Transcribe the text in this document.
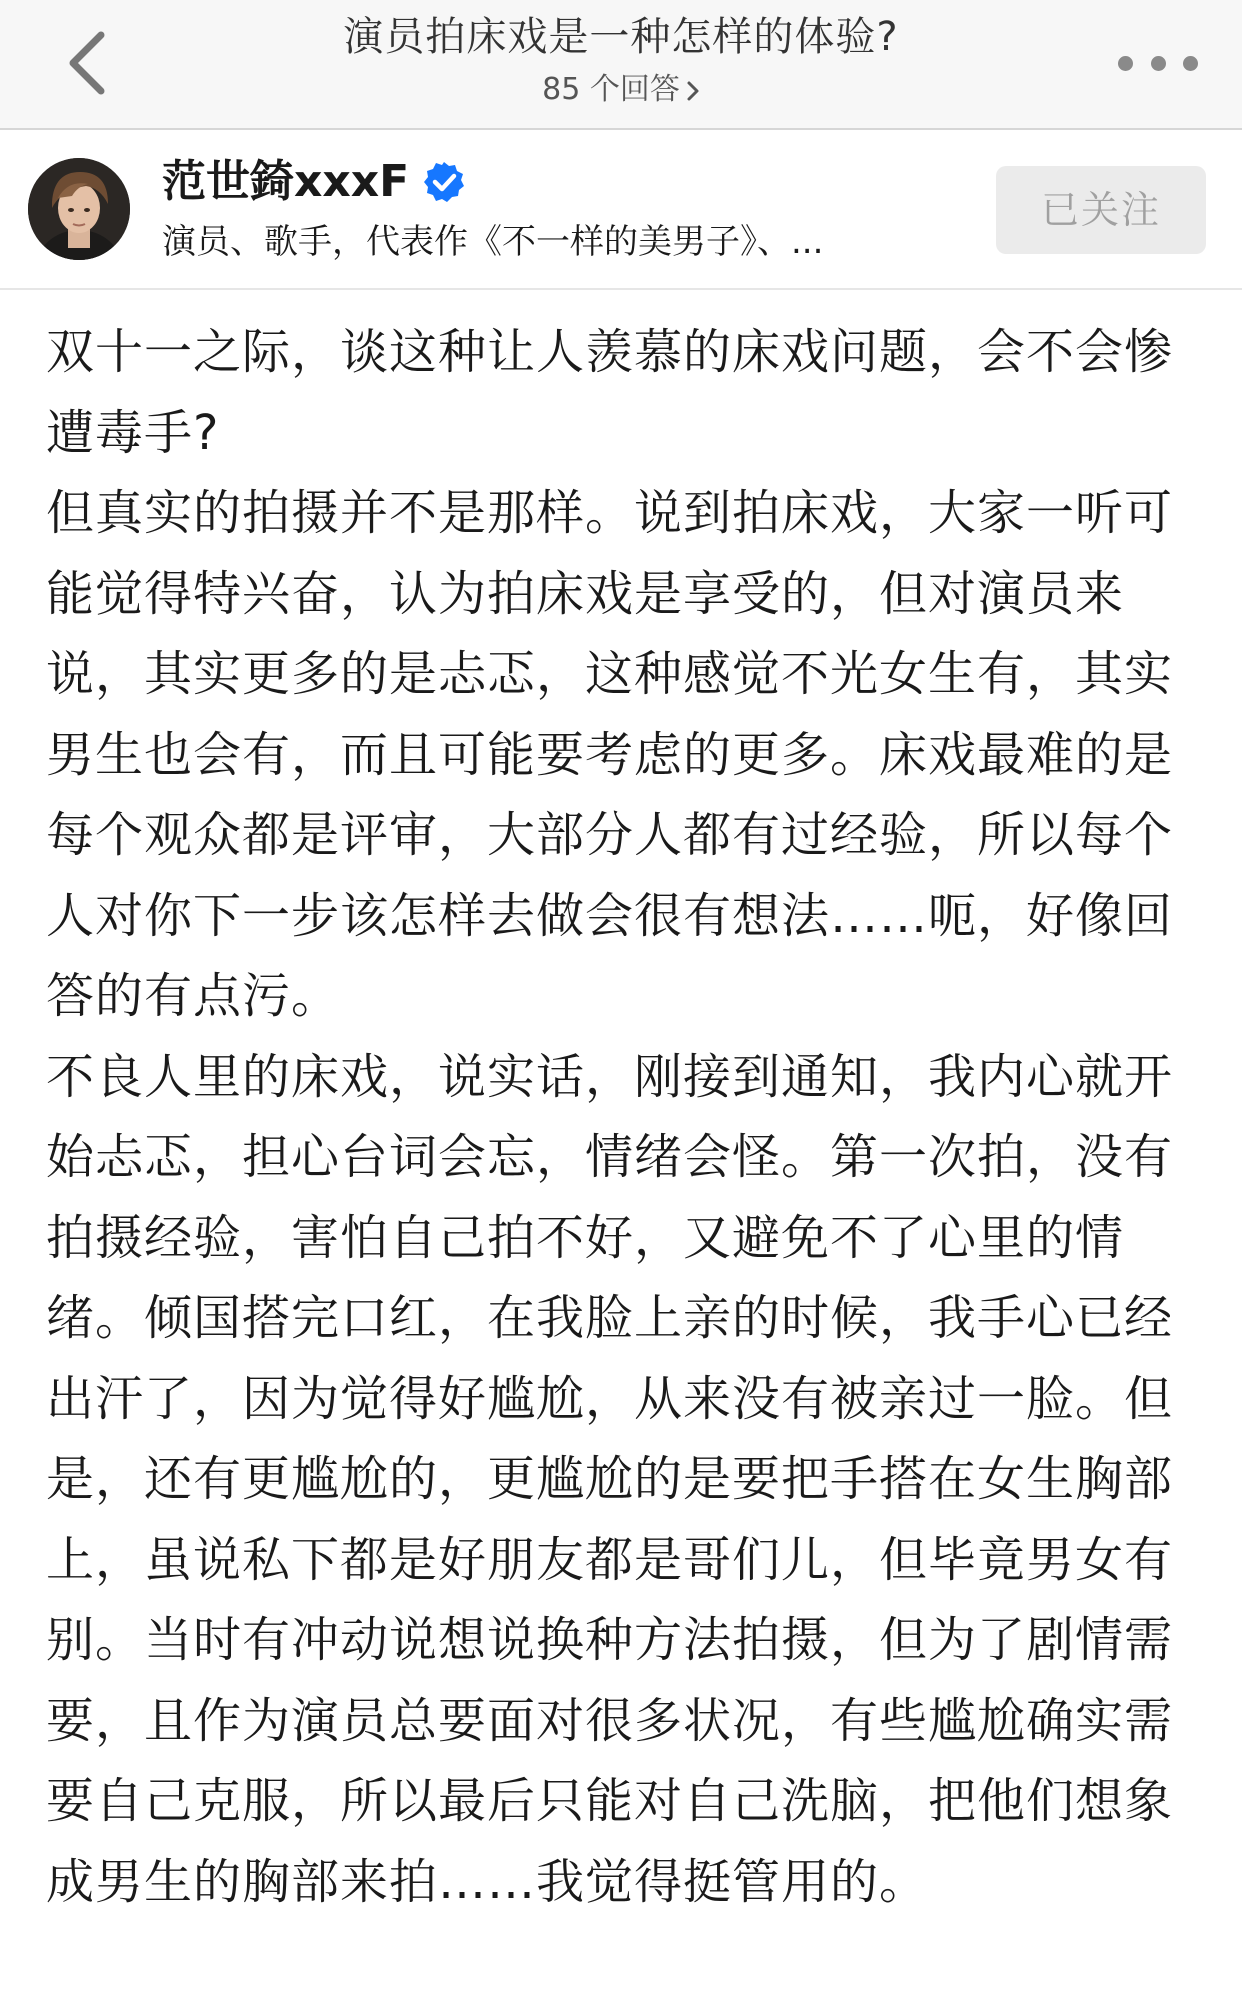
演员拍床戏是一种怎样的体验?
85 个回答
范世錡xxxF
演员、歌手，代表作《不一样的美男子》、...
已关注

双十一之际，谈这种让人羡慕的床戏问题，会不会惨遭毒手?

但真实的拍摄并不是那样。说到拍床戏，大家一听可能觉得特兴奋，认为拍床戏是享受的，但对演员来说，其实更多的是忐忑，这种感觉不光女生有，其实男生也会有，而且可能要考虑的更多。床戏最难的是每个观众都是评审，大部分人都有过经验，所以每个人对你下一步该怎样去做会很有想法……呃，好像回答的有点污。

不良人里的床戏，说实话，刚接到通知，我内心就开始忐忑，担心台词会忘，情绪会怪。第一次拍，没有拍摄经验，害怕自己拍不好，又避免不了心里的情绪。倾国搭完口红，在我脸上亲的时候，我手心已经出汗了，因为觉得好尴尬，从来没有被亲过一脸。但是，还有更尴尬的，更尴尬的是要把手搭在女生胸部上，虽说私下都是好朋友都是哥们儿，但毕竟男女有别。当时有冲动说想说换种方法拍摄，但为了剧情需要，且作为演员总要面对很多状况，有些尴尬确实需要自己克服，所以最后只能对自己洗脑，把他们想象成男生的胸部来拍……我觉得挺管用的。
